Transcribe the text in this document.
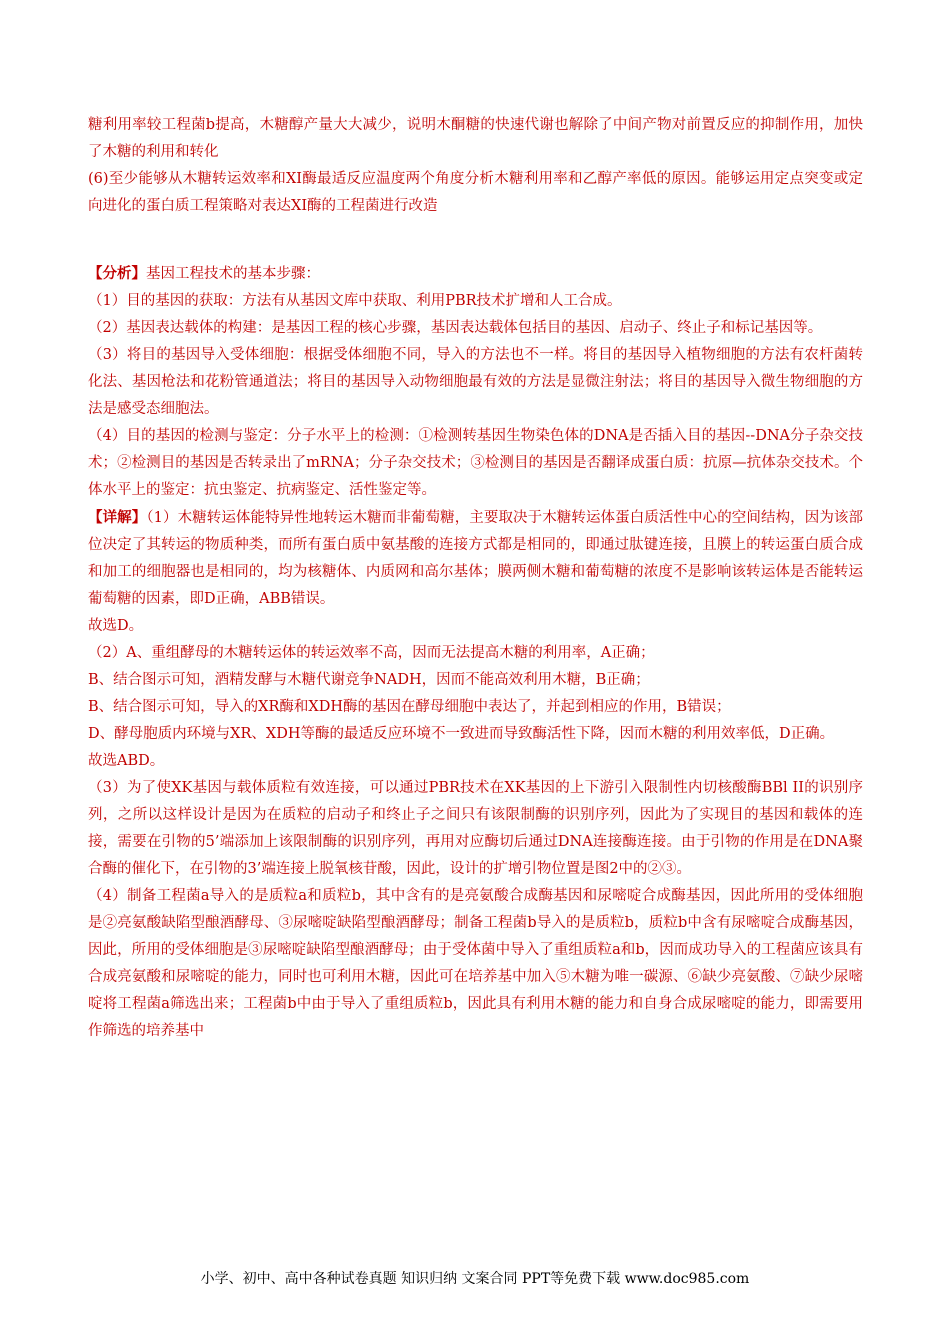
糖利用率较工程菌b提高，木糖醇产量大大减少，说明木酮糖的快速代谢也解除了中间产物对前置反应的抑制作用，加快了木糖的利用和转化

(6)至少能够从木糖转运效率和XI酶最适反应温度两个角度分析木糖利用率和乙醇产率低的原因。能够运用定点突变或定向进化的蛋白质工程策略对表达XI酶的工程菌进行改造

【分析】基因工程技术的基本步骤：

（1）目的基因的获取：方法有从基因文库中获取、利用PBR技术扩增和人工合成。

（2）基因表达载体的构建：是基因工程的核心步骤，基因表达载体包括目的基因、启动子、终止子和标记基因等。

（3）将目的基因导入受体细胞：根据受体细胞不同，导入的方法也不一样。将目的基因导入植物细胞的方法有农杆菌转化法、基因枪法和花粉管通道法；将目的基因导入动物细胞最有效的方法是显微注射法；将目的基因导入微生物细胞的方法是感受态细胞法。

（4）目的基因的检测与鉴定：分子水平上的检测：①检测转基因生物染色体的DNA是否插入目的基因--DNA分子杂交技术；②检测目的基因是否转录出了mRNA；分子杂交技术；③检测目的基因是否翻译成蛋白质：抗原—抗体杂交技术。个体水平上的鉴定：抗虫鉴定、抗病鉴定、活性鉴定等。

【详解】（1）木糖转运体能特异性地转运木糖而非葡萄糖，主要取决于木糖转运体蛋白质活性中心的空间结构，因为该部位决定了其转运的物质种类，而所有蛋白质中氨基酸的连接方式都是相同的，即通过肽键连接，且膜上的转运蛋白质合成和加工的细胞器也是相同的，均为核糖体、内质网和高尔基体；膜两侧木糖和葡萄糖的浓度不是影响该转运体是否能转运葡萄糖的因素，即D正确，ABB错误。

故选D。

（2）A、重组酵母的木糖转运体的转运效率不高，因而无法提高木糖的利用率，A正确；

B、结合图示可知，酒精发酵与木糖代谢竞争NADH，因而不能高效利用木糖，B正确；

B、结合图示可知，导入的XR酶和XDH酶的基因在酵母细胞中表达了，并起到相应的作用，B错误；

D、酵母胞质内环境与XR、XDH等酶的最适反应环境不一致进而导致酶活性下降，因而木糖的利用效率低，D正确。

故选ABD。

（3）为了使XK基因与载体质粒有效连接，可以通过PBR技术在XK基因的上下游引入限制性内切核酸酶BBl II的识别序列，之所以这样设计是因为在质粒的启动子和终止子之间只有该限制酶的识别序列，因此为了实现目的基因和载体的连接，需要在引物的5’端添加上该限制酶的识别序列，再用对应酶切后通过DNA连接酶连接。由于引物的作用是在DNA聚合酶的催化下，在引物的3’端连接上脱氧核苷酸，因此，设计的扩增引物位置是图2中的②③。

（4）制备工程菌a导入的是质粒a和质粒b，其中含有的是亮氨酸合成酶基因和尿嘧啶合成酶基因，因此所用的受体细胞是②亮氨酸缺陷型酿酒酵母、③尿嘧啶缺陷型酿酒酵母；制备工程菌b导入的是质粒b，质粒b中含有尿嘧啶合成酶基因，因此，所用的受体细胞是③尿嘧啶缺陷型酿酒酵母；由于受体菌中导入了重组质粒a和b，因而成功导入的工程菌应该具有合成亮氨酸和尿嘧啶的能力，同时也可利用木糖，因此可在培养基中加入⑤木糖为唯一碳源、⑥缺少亮氨酸、⑦缺少尿嘧啶将工程菌a筛选出来；工程菌b中由于导入了重组质粒b，因此具有利用木糖的能力和自身合成尿嘧啶的能力，即需要用作筛选的培养基中

小学、初中、高中各种试卷真题 知识归纳 文案合同 PPT等免费下载 www.doc985.com
